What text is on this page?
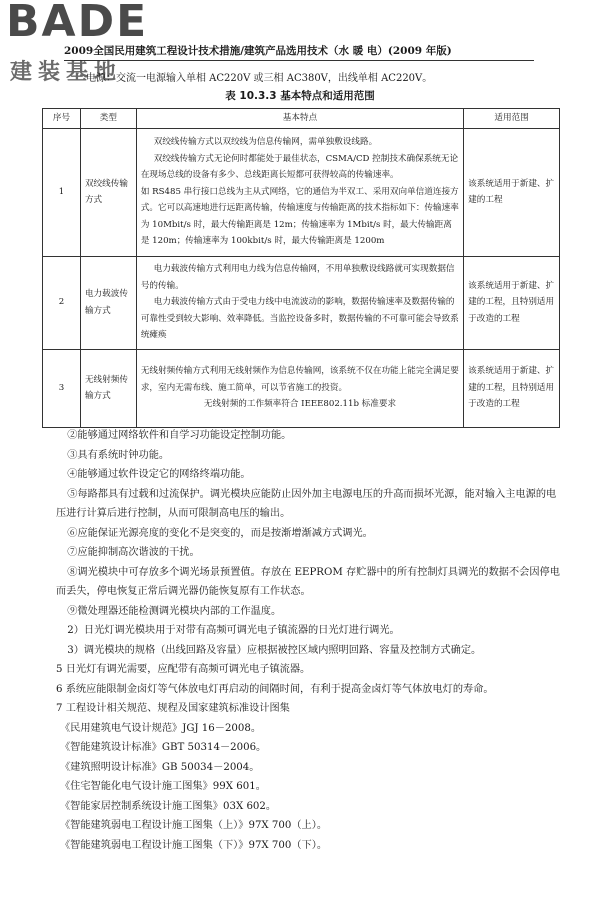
BADE
建装基地
2009全国民用建筑工程设计技术措施/建筑产品选用技术（水 暖 电）(2009 年版)
电源：交流一电源输入单相 AC220V 或三相 AC380V，出线单相 AC220V。
表 10.3.3 基本特点和适用范围
序号	类型	基本特点	适用范围
1	双绞线传输方式	双绞线传输方式以双绞线为信息传输网，需单独敷设线路。

双绞线传输方式无论何时都能处于最佳状态，CSMA/CD 控制技术确保系统无论在现场总线的设备有多少、总线距离长短都可获得较高的传输速率。

如 RS485 串行接口总线为主从式网络，它的通信为半双工、采用双向单信道连接方式。它可以高速地进行远距离传输，传输速度与传输距离的技术指标如下：传输速率为 10Mbit/s 时，最大传输距离是 12m；传输速率为 1Mbit/s 时，最大传输距离是 120m；传输速率为 100kbit/s 时，最大传输距离是 1200m	该系统适用于新建、扩建的工程
2	电力载波传输方式	电力载波传输方式利用电力线为信息传输网，不用单独敷设线路就可实现数据信号的传输。

电力载波传输方式由于受电力线中电流波动的影响，数据传输速率及数据传输的可靠性受到较大影响、效率降低。当监控设备多时，数据传输的不可靠可能会导致系统瘫痪	该系统适用于新建、扩建的工程，且特别适用于改造的工程
3	无线射频传输方式	无线射频传输方式利用无线射频作为信息传输网，该系统不仅在功能上能完全满足要求，室内无需布线、施工简单，可以节省施工的投资。

无线射频的工作频率符合 IEEE802.11b 标准要求	该系统适用于新建、扩建的工程，且特别适用于改造的工程

②能够通过网络软件和自学习功能设定控制功能。

③具有系统时钟功能。

④能够通过软件设定它的网络终端功能。

⑤每路都具有过载和过流保护。调光模块应能防止因外加主电源电压的升高而损坏光源，能对输入主电源的电压进行计算后进行控制，从而可限制高电压的输出。

⑥应能保证光源亮度的变化不是突变的，而是按渐增渐减方式调光。

⑦应能抑制高次谐波的干扰。

⑧调光模块中可存放多个调光场景预置值。存放在 EEPROM 存贮器中的所有控制灯具调光的数据不会因停电而丢失，停电恢复正常后调光器仍能恢复原有工作状态。

⑨微处理器还能检测调光模块内部的工作温度。

2）日光灯调光模块用于对带有高频可调光电子镇流器的日光灯进行调光。

3）调光模块的规格（出线回路及容量）应根据被控区域内照明回路、容量及控制方式确定。

5 日光灯有调光需要，应配带有高频可调光电子镇流器。

6 系统应能限制金卤灯等气体放电灯再启动的间隔时间，有利于提高金卤灯等气体放电灯的寿命。

7 工程设计相关规范、规程及国家建筑标准设计图集

《民用建筑电气设计规范》JGJ 16－2008。

《智能建筑设计标准》GBT 50314－2006。

《建筑照明设计标准》GB 50034－2004。

《住宅智能化电气设计施工图集》99X 601。

《智能家居控制系统设计施工图集》03X 602。

《智能建筑弱电工程设计施工图集（上）》97X 700（上）。

《智能建筑弱电工程设计施工图集（下）》97X 700（下）。
